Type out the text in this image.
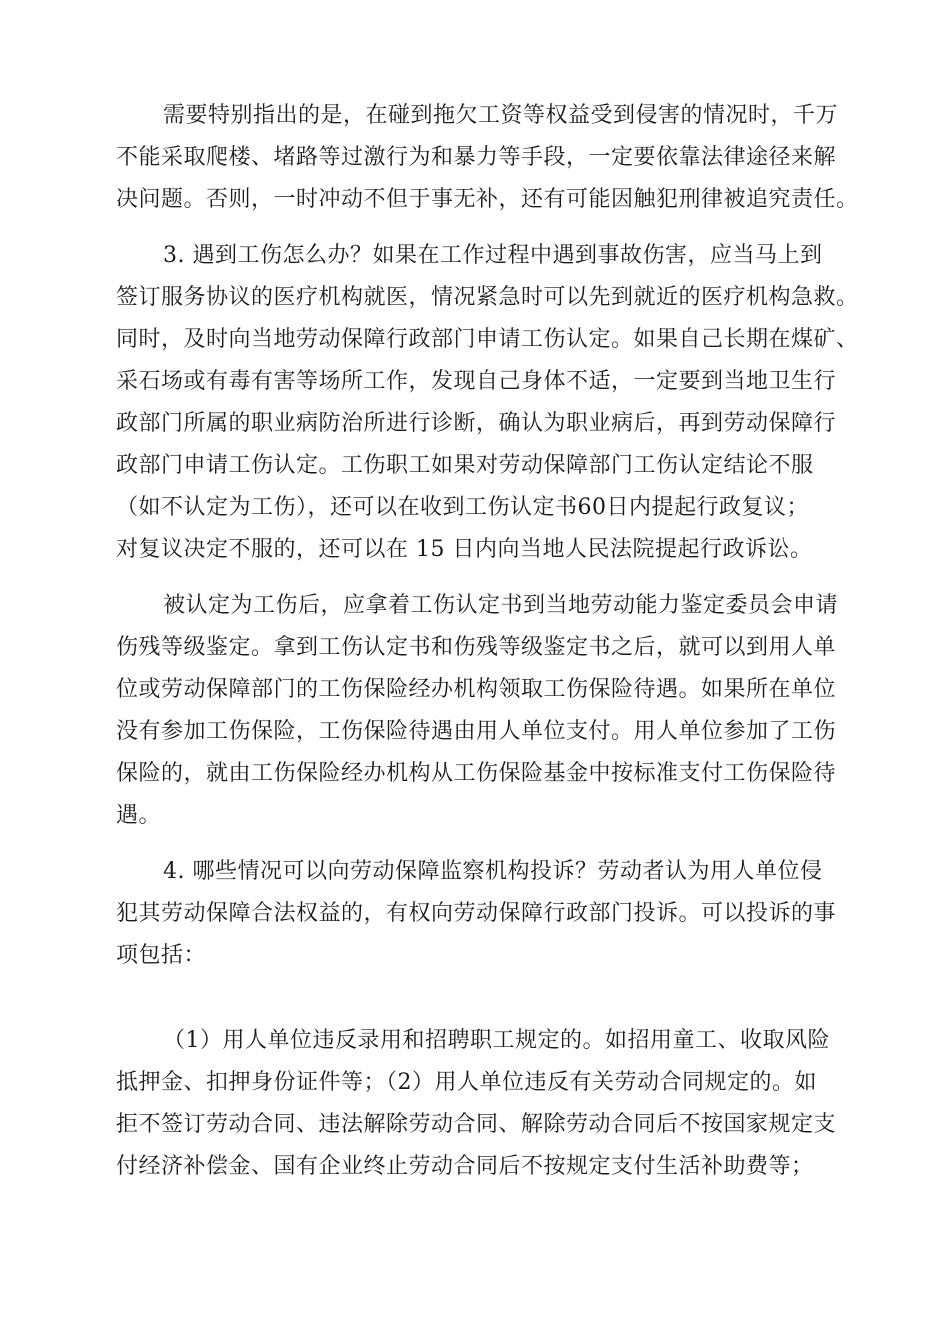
需要特别指出的是，在碰到拖欠工资等权益受到侵害的情况时，千万
不能采取爬楼、堵路等过激行为和暴力等手段，一定要依靠法律途径来解
决问题。否则，一时冲动不但于事无补，还有可能因触犯刑律被追究责任。
3. 遇到工伤怎么办？如果在工作过程中遇到事故伤害，应当马上到
签订服务协议的医疗机构就医，情况紧急时可以先到就近的医疗机构急救。
同时，及时向当地劳动保障行政部门申请工伤认定。如果自己长期在煤矿、
采石场或有毒有害等场所工作，发现自己身体不适，一定要到当地卫生行
政部门所属的职业病防治所进行诊断，确认为职业病后，再到劳动保障行
政部门申请工伤认定。工伤职工如果对劳动保障部门工伤认定结论不服
（如不认定为工伤），还可以在收到工伤认定书60日内提起行政复议；
对复议决定不服的，还可以在 15 日内向当地人民法院提起行政诉讼。
被认定为工伤后，应拿着工伤认定书到当地劳动能力鉴定委员会申请
伤残等级鉴定。拿到工伤认定书和伤残等级鉴定书之后，就可以到用人单
位或劳动保障部门的工伤保险经办机构领取工伤保险待遇。如果所在单位
没有参加工伤保险，工伤保险待遇由用人单位支付。用人单位参加了工伤
保险的，就由工伤保险经办机构从工伤保险基金中按标准支付工伤保险待
遇。
4. 哪些情况可以向劳动保障监察机构投诉？劳动者认为用人单位侵
犯其劳动保障合法权益的，有权向劳动保障行政部门投诉。可以投诉的事
项包括：
（1）用人单位违反录用和招聘职工规定的。如招用童工、收取风险
抵押金、扣押身份证件等；（2）用人单位违反有关劳动合同规定的。如
拒不签订劳动合同、违法解除劳动合同、解除劳动合同后不按国家规定支
付经济补偿金、国有企业终止劳动合同后不按规定支付生活补助费等；
